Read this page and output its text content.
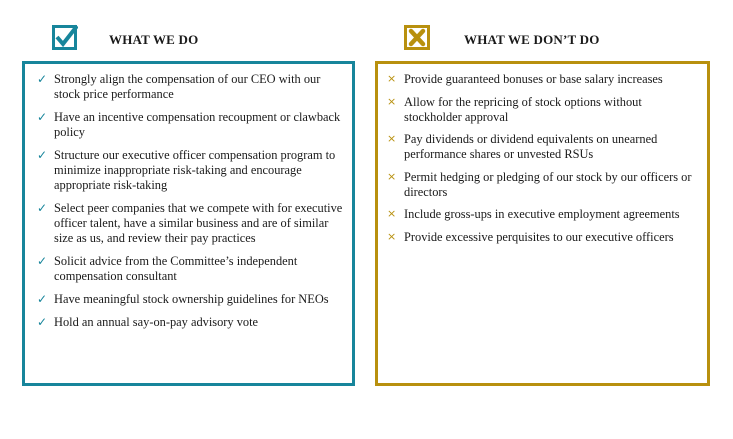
WHAT WE DO	WHAT WE DON’T DO
✓ Strongly align the compensation of our CEO with our stock price performance
✓ Have an incentive compensation recoupment or clawback policy
✓ Structure our executive officer compensation program to minimize inappropriate risk-taking and encourage appropriate risk-taking
✓ Select peer companies that we compete with for executive officer talent, have a similar business and are of similar size as us, and review their pay practices
✓ Solicit advice from the Committee’s independent compensation consultant
✓ Have meaningful stock ownership guidelines for NEOs
✓ Hold an annual say-on-pay advisory vote
× Provide guaranteed bonuses or base salary increases
× Allow for the repricing of stock options without stockholder approval
× Pay dividends or dividend equivalents on unearned performance shares or unvested RSUs
× Permit hedging or pledging of our stock by our officers or directors
× Include gross-ups in executive employment agreements
× Provide excessive perquisites to our executive officers
